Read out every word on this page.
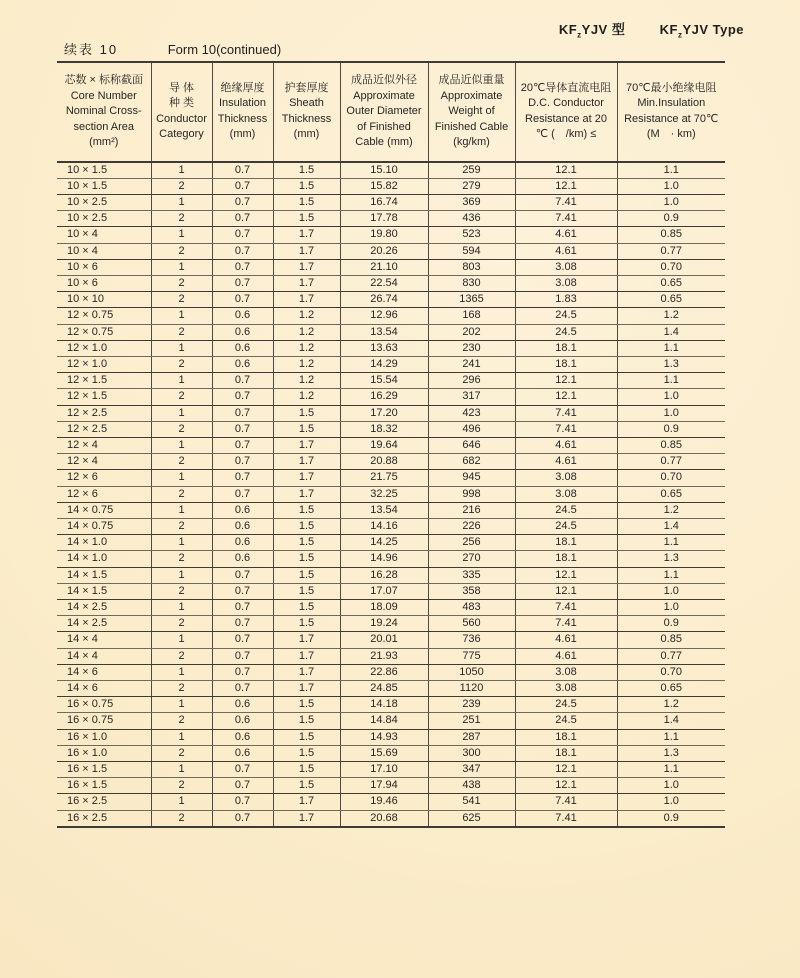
$KF_zYJV$ 型	$KF_zYJV$ Type
续表 10	Form 10(continued)
芯数 × 标称截面
Core Number
Nominal Cross-
section Area
(mm²)	导 体
种 类
Conductor
Category	绝缘厚度
Insulation
Thickness
(mm)	护套厚度
Sheath
Thickness
(mm)	成品近似外径
Approximate
Outer Diameter
of Finished
Cable (mm)	成品近似重量
Approximate
Weight of
Finished Cable
(kg/km)	20℃导体直流电阻
D.C. Conductor
Resistance at 20
℃ (　/km) ≤	70℃最小绝缘电阻
Min.Insulation
Resistance at 70℃
(M　· km)
10 × 1.5	1	0.7	1.5	15.10	259	12.1	1.1
10 × 1.5	2	0.7	1.5	15.82	279	12.1	1.0
10 × 2.5	1	0.7	1.5	16.74	369	7.41	1.0
10 × 2.5	2	0.7	1.5	17.78	436	7.41	0.9
10 × 4	1	0.7	1.7	19.80	523	4.61	0.85
10 × 4	2	0.7	1.7	20.26	594	4.61	0.77
10 × 6	1	0.7	1.7	21.10	803	3.08	0.70
10 × 6	2	0.7	1.7	22.54	830	3.08	0.65
10 × 10	2	0.7	1.7	26.74	1365	1.83	0.65
12 × 0.75	1	0.6	1.2	12.96	168	24.5	1.2
12 × 0.75	2	0.6	1.2	13.54	202	24.5	1.4
12 × 1.0	1	0.6	1.2	13.63	230	18.1	1.1
12 × 1.0	2	0.6	1.2	14.29	241	18.1	1.3
12 × 1.5	1	0.7	1.2	15.54	296	12.1	1.1
12 × 1.5	2	0.7	1.2	16.29	317	12.1	1.0
12 × 2.5	1	0.7	1.5	17.20	423	7.41	1.0
12 × 2.5	2	0.7	1.5	18.32	496	7.41	0.9
12 × 4	1	0.7	1.7	19.64	646	4.61	0.85
12 × 4	2	0.7	1.7	20.88	682	4.61	0.77
12 × 6	1	0.7	1.7	21.75	945	3.08	0.70
12 × 6	2	0.7	1.7	32.25	998	3.08	0.65
14 × 0.75	1	0.6	1.5	13.54	216	24.5	1.2
14 × 0.75	2	0.6	1.5	14.16	226	24.5	1.4
14 × 1.0	1	0.6	1.5	14.25	256	18.1	1.1
14 × 1.0	2	0.6	1.5	14.96	270	18.1	1.3
14 × 1.5	1	0.7	1.5	16.28	335	12.1	1.1
14 × 1.5	2	0.7	1.5	17.07	358	12.1	1.0
14 × 2.5	1	0.7	1.5	18.09	483	7.41	1.0
14 × 2.5	2	0.7	1.5	19.24	560	7.41	0.9
14 × 4	1	0.7	1.7	20.01	736	4.61	0.85
14 × 4	2	0.7	1.7	21.93	775	4.61	0.77
14 × 6	1	0.7	1.7	22.86	1050	3.08	0.70
14 × 6	2	0.7	1.7	24.85	1120	3.08	0.65
16 × 0.75	1	0.6	1.5	14.18	239	24.5	1.2
16 × 0.75	2	0.6	1.5	14.84	251	24.5	1.4
16 × 1.0	1	0.6	1.5	14.93	287	18.1	1.1
16 × 1.0	2	0.6	1.5	15.69	300	18.1	1.3
16 × 1.5	1	0.7	1.5	17.10	347	12.1	1.1
16 × 1.5	2	0.7	1.5	17.94	438	12.1	1.0
16 × 2.5	1	0.7	1.7	19.46	541	7.41	1.0
16 × 2.5	2	0.7	1.7	20.68	625	7.41	0.9
